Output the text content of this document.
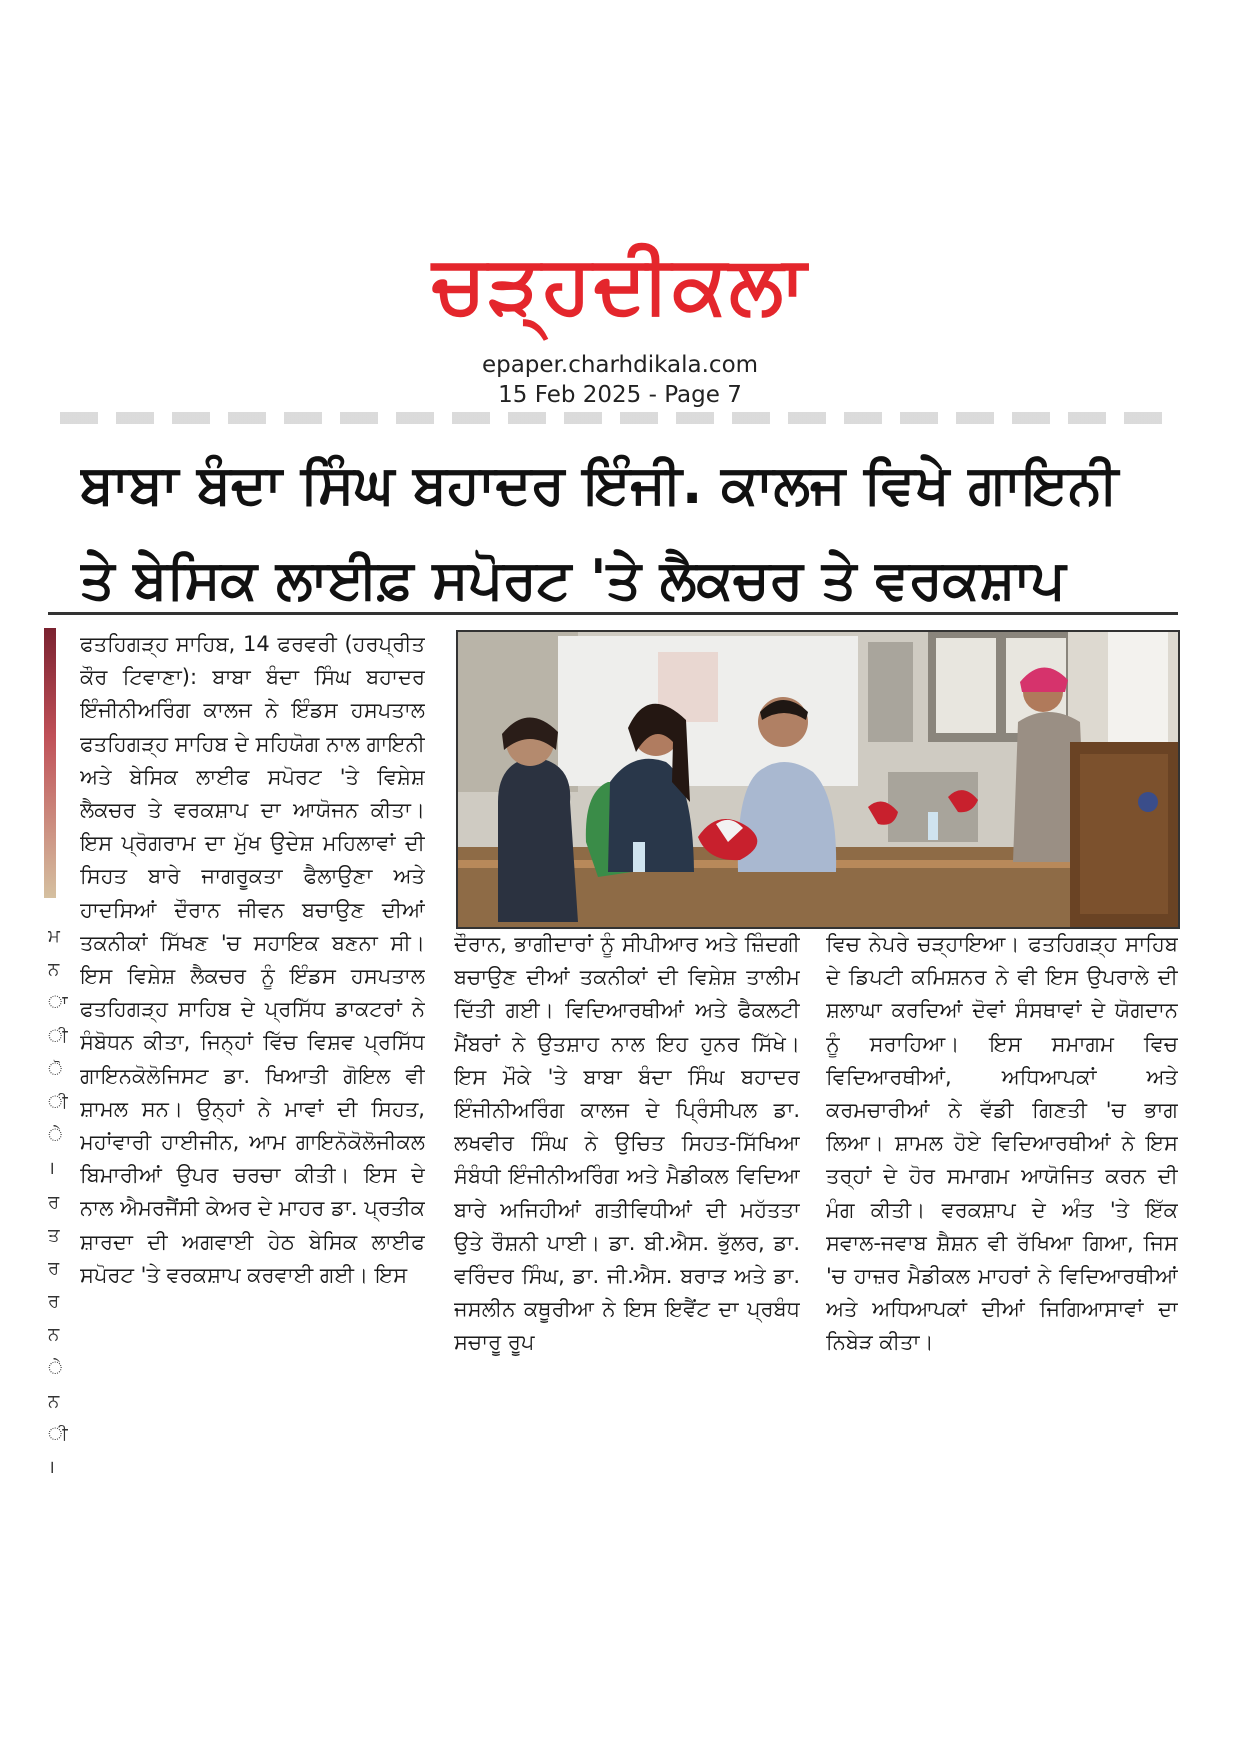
ਚੜ੍ਹਦੀਕਲਾ
epaper.charhdikala.com
15 Feb 2025 - Page 7
ਬਾਬਾ ਬੰਦਾ ਸਿੰਘ ਬਹਾਦਰ ਇੰਜੀ. ਕਾਲਜ ਵਿਖੇ ਗਾਇਨੀ
ਤੇ ਬੇਸਿਕ ਲਾਈਫ਼ ਸਪੋਰਟ 'ਤੇ ਲੈਕਚਰ ਤੇ ਵਰਕਸ਼ਾਪ
ਮ
ਨ
ਾ
ੀ
ੋ
ੀ
ੇ
।
ਰ
ਤ
ਰ
ਰ
ਨ
ੇ
ਨ
ੀ
।
ਫਤਹਿਗੜ੍ਹ ਸਾਹਿਬ, 14 ਫਰਵਰੀ (ਹਰਪ੍ਰੀਤ ਕੌਰ ਟਿਵਾਣਾ): ਬਾਬਾ ਬੰਦਾ ਸਿੰਘ ਬਹਾਦਰ ਇੰਜੀਨੀਅਰਿੰਗ ਕਾਲਜ ਨੇ ਇੰਡਸ ਹਸਪਤਾਲ ਫਤਹਿਗੜ੍ਹ ਸਾਹਿਬ ਦੇ ਸਹਿਯੋਗ ਨਾਲ ਗਾਇਨੀ ਅਤੇ ਬੇਸਿਕ ਲਾਈਫ ਸਪੋਰਟ 'ਤੇ ਵਿਸ਼ੇਸ਼ ਲੈਕਚਰ ਤੇ ਵਰਕਸ਼ਾਪ ਦਾ ਆਯੋਜਨ ਕੀਤਾ। ਇਸ ਪ੍ਰੋਗਰਾਮ ਦਾ ਮੁੱਖ ਉਦੇਸ਼ ਮਹਿਲਾਵਾਂ ਦੀ ਸਿਹਤ ਬਾਰੇ ਜਾਗਰੂਕਤਾ ਫੈਲਾਉਣਾ ਅਤੇ ਹਾਦਸਿਆਂ ਦੌਰਾਨ ਜੀਵਨ ਬਚਾਉਣ ਦੀਆਂ ਤਕਨੀਕਾਂ ਸਿੱਖਣ 'ਚ ਸਹਾਇਕ ਬਣਨਾ ਸੀ। ਇਸ ਵਿਸ਼ੇਸ਼ ਲੈਕਚਰ ਨੂੰ ਇੰਡਸ ਹਸਪਤਾਲ ਫਤਹਿਗੜ੍ਹ ਸਾਹਿਬ ਦੇ ਪ੍ਰਸਿੱਧ ਡਾਕਟਰਾਂ ਨੇ ਸੰਬੋਧਨ ਕੀਤਾ, ਜਿਨ੍ਹਾਂ ਵਿੱਚ ਵਿਸ਼ਵ ਪ੍ਰਸਿੱਧ ਗਾਇਨਕੋਲੋਜਿਸਟ ਡਾ. ਖਿਆਤੀ ਗੋਇਲ ਵੀ ਸ਼ਾਮਲ ਸਨ। ਉਨ੍ਹਾਂ ਨੇ ਮਾਵਾਂ ਦੀ ਸਿਹਤ, ਮਹਾਂਵਾਰੀ ਹਾਈਜੀਨ, ਆਮ ਗਾਇਨੋਕੋਲੋਜੀਕਲ ਬਿਮਾਰੀਆਂ ਉਪਰ ਚਰਚਾ ਕੀਤੀ। ਇਸ ਦੇ ਨਾਲ ਐਮਰਜੈਂਸੀ ਕੇਅਰ ਦੇ ਮਾਹਰ ਡਾ. ਪ੍ਰਤੀਕ ਸ਼ਾਰਦਾ ਦੀ ਅਗਵਾਈ ਹੇਠ ਬੇਸਿਕ ਲਾਈਫ ਸਪੋਰਟ 'ਤੇ ਵਰਕਸ਼ਾਪ ਕਰਵਾਈ ਗਈ। ਇਸ
ਦੌਰਾਨ, ਭਾਗੀਦਾਰਾਂ ਨੂੰ ਸੀਪੀਆਰ ਅਤੇ ਜ਼ਿੰਦਗੀ ਬਚਾਉਣ ਦੀਆਂ ਤਕਨੀਕਾਂ ਦੀ ਵਿਸ਼ੇਸ਼ ਤਾਲੀਮ ਦਿੱਤੀ ਗਈ। ਵਿਦਿਆਰਥੀਆਂ ਅਤੇ ਫੈਕਲਟੀ ਮੈਂਬਰਾਂ ਨੇ ਉਤਸ਼ਾਹ ਨਾਲ ਇਹ ਹੁਨਰ ਸਿੱਖੇ। ਇਸ ਮੌਕੇ 'ਤੇ ਬਾਬਾ ਬੰਦਾ ਸਿੰਘ ਬਹਾਦਰ ਇੰਜੀਨੀਅਰਿੰਗ ਕਾਲਜ ਦੇ ਪ੍ਰਿੰਸੀਪਲ ਡਾ. ਲਖਵੀਰ ਸਿੰਘ ਨੇ ਉਚਿਤ ਸਿਹਤ-ਸਿੱਖਿਆ ਸੰਬੰਧੀ ਇੰਜੀਨੀਅਰਿੰਗ ਅਤੇ ਮੈਡੀਕਲ ਵਿਦਿਆ ਬਾਰੇ ਅਜਿਹੀਆਂ ਗਤੀਵਿਧੀਆਂ ਦੀ ਮਹੱਤਤਾ ਉਤੇ ਰੌਸ਼ਨੀ ਪਾਈ। ਡਾ. ਬੀ.ਐਸ. ਭੁੱਲਰ, ਡਾ. ਵਰਿੰਦਰ ਸਿੰਘ, ਡਾ. ਜੀ.ਐਸ. ਬਰਾੜ ਅਤੇ ਡਾ. ਜਸਲੀਨ ਕਥੂਰੀਆ ਨੇ ਇਸ ਇਵੈਂਟ ਦਾ ਪ੍ਰਬੰਧ ਸਚਾਰੂ ਰੂਪ
ਵਿਚ ਨੇਪਰੇ ਚੜ੍ਹਾਇਆ। ਫਤਹਿਗੜ੍ਹ ਸਾਹਿਬ ਦੇ ਡਿਪਟੀ ਕਮਿਸ਼ਨਰ ਨੇ ਵੀ ਇਸ ਉਪਰਾਲੇ ਦੀ ਸ਼ਲਾਘਾ ਕਰਦਿਆਂ ਦੋਵਾਂ ਸੰਸਥਾਵਾਂ ਦੇ ਯੋਗਦਾਨ ਨੂੰ ਸਰਾਹਿਆ। ਇਸ ਸਮਾਗਮ ਵਿਚ ਵਿਦਿਆਰਥੀਆਂ, ਅਧਿਆਪਕਾਂ ਅਤੇ ਕਰਮਚਾਰੀਆਂ ਨੇ ਵੱਡੀ ਗਿਣਤੀ 'ਚ ਭਾਗ ਲਿਆ। ਸ਼ਾਮਲ ਹੋਏ ਵਿਦਿਆਰਥੀਆਂ ਨੇ ਇਸ ਤਰ੍ਹਾਂ ਦੇ ਹੋਰ ਸਮਾਗਮ ਆਯੋਜਿਤ ਕਰਨ ਦੀ ਮੰਗ ਕੀਤੀ। ਵਰਕਸ਼ਾਪ ਦੇ ਅੰਤ 'ਤੇ ਇੱਕ ਸਵਾਲ-ਜਵਾਬ ਸ਼ੈਸ਼ਨ ਵੀ ਰੱਖਿਆ ਗਿਆ, ਜਿਸ 'ਚ ਹਾਜ਼ਰ ਮੈਡੀਕਲ ਮਾਹਰਾਂ ਨੇ ਵਿਦਿਆਰਥੀਆਂ ਅਤੇ ਅਧਿਆਪਕਾਂ ਦੀਆਂ ਜਿਗਿਆਸਾਵਾਂ ਦਾ ਨਿਬੇੜ ਕੀਤਾ।
